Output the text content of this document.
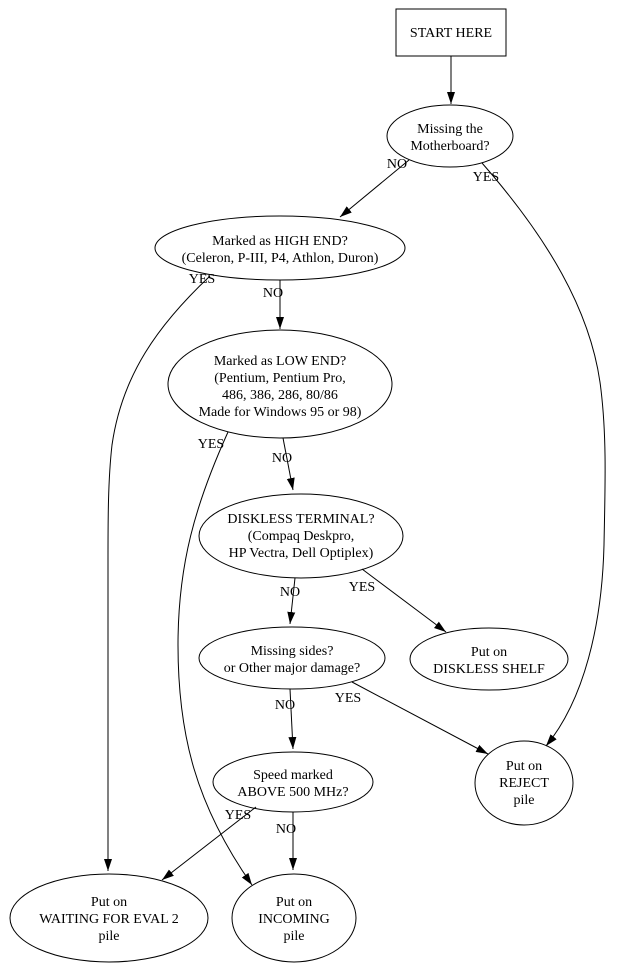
NO
YES
YES
NO
YES
NO
NO	YES
NO	YES
YES
NO
START HERE
Missing the
Motherboard?
Marked as HIGH END?
(Celeron, P-III, P4, Athlon, Duron)
Marked as LOW END?
(Pentium, Pentium Pro,
486, 386, 286, 80/86
Made for Windows 95 or 98)
DISKLESS TERMINAL?
(Compaq Deskpro,
HP Vectra, Dell Optiplex)
Missing sides?
or Other major damage?
Put on
DISKLESS SHELF
Speed marked
ABOVE 500 MHz?
Put on
REJECT
pile
Put on
WAITING FOR EVAL 2
pile
Put on
INCOMING
pile
